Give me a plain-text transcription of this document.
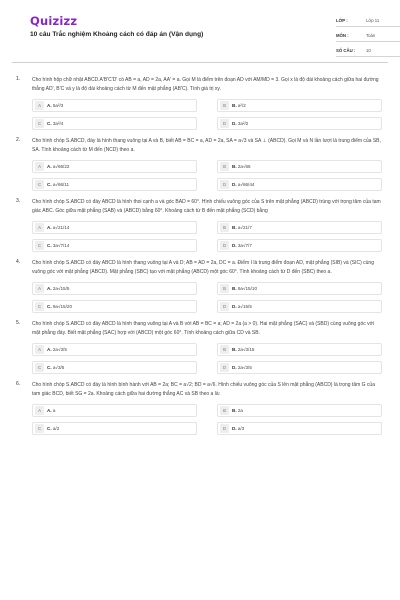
Quizizz
10 câu Trắc nghiệm Khoảng cách có đáp án (Vận dụng)
LỚP :	Lớp 11
MÔN :	Toán
SỐ CÂU :	10
1. Cho hình hộp chữ nhật ABCD.A'B'C'D' có AB = a, AD = 2a, AA' = a. Gọi M là điểm trên đoạn AD với AM/MD = 3. Gọi x là độ dài khoảng cách giữa hai đường thẳng AD', B'C và y là độ dài khoảng cách từ M đến mặt phẳng (AB'C). Tính giá trị xy.
A	A. 5a²/3	B	B. a²/2
C	C. 3a²/4	D	D. 3a²/2
2. Cho hình chóp S.ABCD, đáy là hình thang vuông tại A và B, biết AB = BC = a, AD = 2a, SA = a√3 và SA ⊥ (ABCD). Gọi M và N lần lượt là trung điểm của SB, SA. Tính khoảng cách từ M đến (NCD) theo a.
A	A. a√66/22	B	B. 2a√66
C	C. a√66/11	D	D. a√66/44
3. Cho hình chóp S.ABCD có đáy ABCD là hình thoi cạnh a và góc BAD = 60°. Hình chiếu vuông góc của S trên mặt phẳng (ABCD) trùng với trọng tâm của tam giác ABC. Góc giữa mặt phẳng (SAB) và (ABCD) bằng 60°. Khoảng cách từ B đến mặt phẳng (SCD) bằng
A	A. a√21/14	B	B. a√21/7
C	C. 3a√7/14	D	D. 3a√7/7
4. Cho hình chóp S.ABCD có đáy ABCD là hình thang vuông tại A và D; AB = AD = 2a, DC = a. Điểm I là trung điểm đoạn AD, mặt phẳng (SIB) và (SIC) cùng vuông góc với mặt phẳng (ABCD). Mặt phẳng (SBC) tạo với mặt phẳng (ABCD) một góc 60°. Tính khoảng cách từ D đến (SBC) theo a.
A	A. 2a√15/5	B	B. 9a√15/10
C	C. 9a√15/20	D	D. a√15/5
5. Cho hình chóp S.ABCD có đáy ABCD là hình thang vuông tại A và B với AB = BC = a; AD = 2a (a > 0). Hai mặt phẳng (SAC) và (SBD) cùng vuông góc với mặt phẳng đáy. Biết mặt phẳng (SAC) hợp với (ABCD) một góc 60°. Tính khoảng cách giữa CD và SB.
A	A. 2a√3/5	B	B. 2a√3/15
C	C. a√3/5	D	D. 2a√3/5
6. Cho hình chóp S.ABCD có đáy là hình bình hành với AB = 2a; BC = a√2; BD = a√6. Hình chiếu vuông góc của S lên mặt phẳng (ABCD) là trọng tâm G của tam giác BCD, biết SG = 2a. Khoảng cách giữa hai đường thẳng AC và SB theo a là:
A	A. a	B	B. 2a
C	C. a/2	D	D. a/3
